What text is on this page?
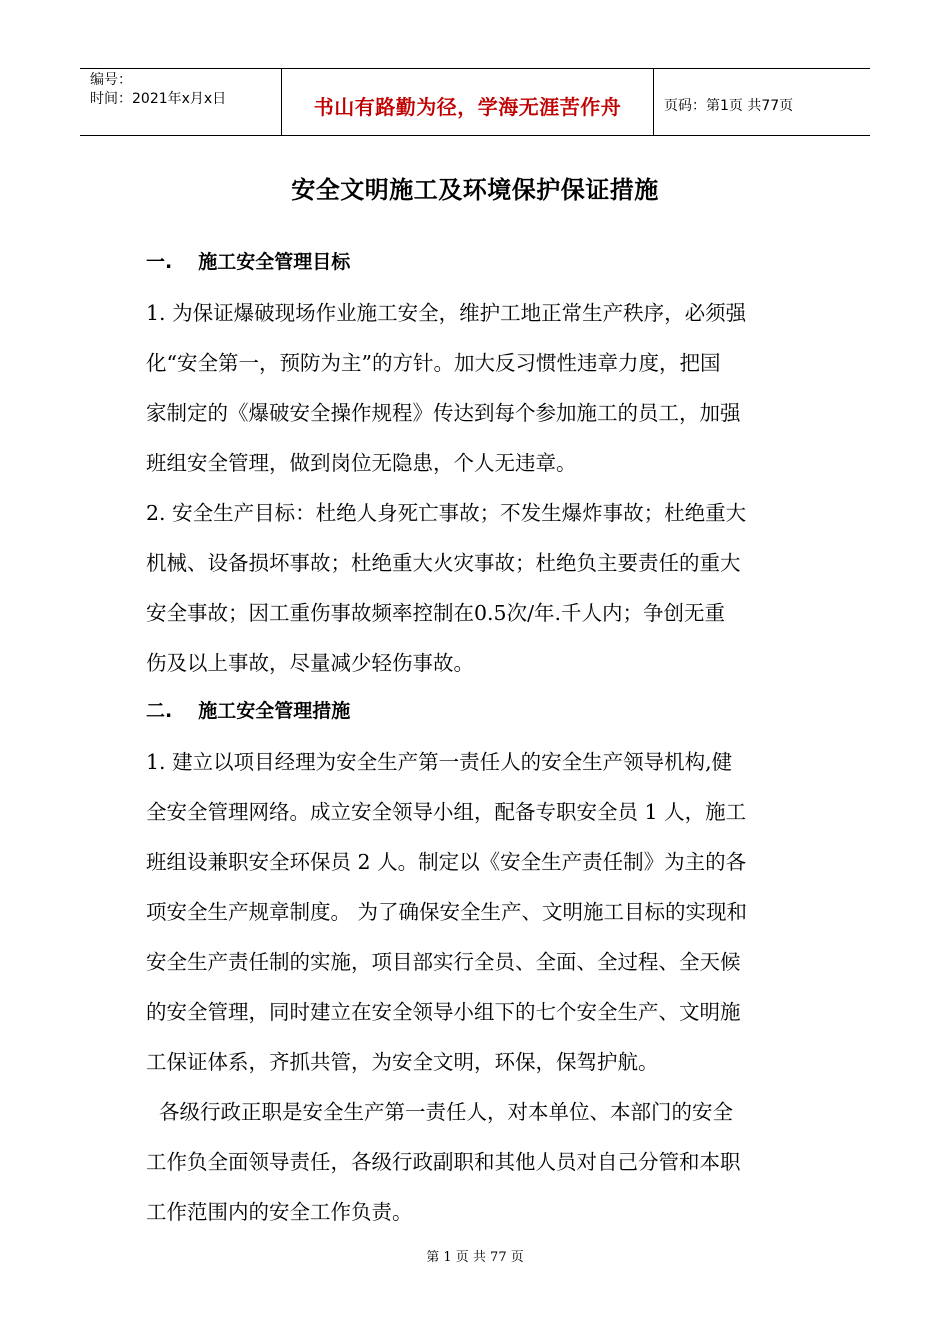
编号：
时间：2021年x月x日	书山有路勤为径，学海无涯苦作舟	页码：第1页 共77页
安全文明施工及环境保护保证措施
一. 施工安全管理目标
1. 为保证爆破现场作业施工安全，维护工地正常生产秩序，必须强
化“安全第一，预防为主”的方针。加大反习惯性违章力度，把国
家制定的《爆破安全操作规程》传达到每个参加施工的员工，加强
班组安全管理，做到岗位无隐患，个人无违章。
2. 安全生产目标：杜绝人身死亡事故；不发生爆炸事故；杜绝重大
机械、设备损坏事故；杜绝重大火灾事故；杜绝负主要责任的重大
安全事故；因工重伤事故频率控制在0.5次/年.千人内；争创无重
伤及以上事故，尽量减少轻伤事故。
二. 施工安全管理措施
1. 建立以项目经理为安全生产第一责任人的安全生产领导机构,健
全安全管理网络。成立安全领导小组，配备专职安全员 1 人，施工
班组设兼职安全环保员 2 人。制定以《安全生产责任制》为主的各
项安全生产规章制度。 为了确保安全生产、文明施工目标的实现和
安全生产责任制的实施，项目部实行全员、全面、全过程、全天候
的安全管理，同时建立在安全领导小组下的七个安全生产、文明施
工保证体系，齐抓共管，为安全文明，环保，保驾护航。
各级行政正职是安全生产第一责任人，对本单位、本部门的安全
工作负全面领导责任，各级行政副职和其他人员对自己分管和本职
工作范围内的安全工作负责。
第 1 页 共 77 页
